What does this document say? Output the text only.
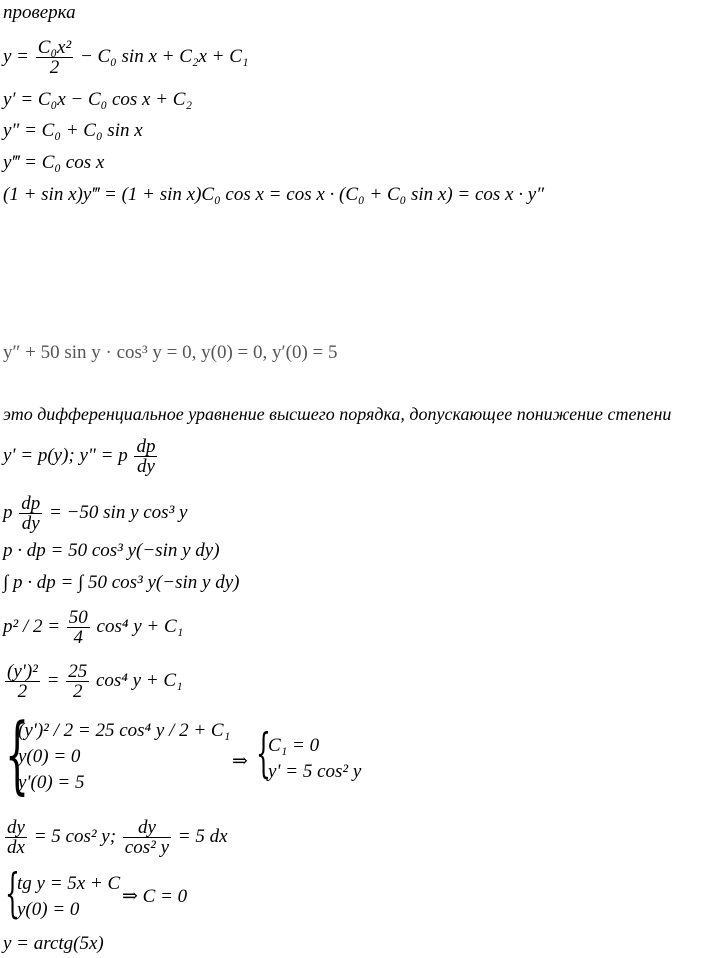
проверка
$y = \frac{\text{C₀x²}}{2} - C_0$ sin x + C₂x + C₁
y′ = C₀x − C₀ cos x + C₂
y″ = C₀ + C₀ sin x
y‴ = C₀ cos x
(1 + sin x)y‴ = (1 + sin x)C₀ cos x = cos x · (C₀ + C₀ sin x) = cos x · y″
y″ + 50 sin y · cos³ y = 0, y(0) = 0, y′(0) = 5
это дифференциальное уравнение высшего порядка, допускающее понижение степени
y' = p(y); y" = p $\frac{dp}{dy}$
p $\frac{dp}{dy} = -50$ sin y cos³ y
p · dp = 50 cos³ y(−sin y dy)
∫ p · dp = ∫ 50 cos³ y(−sin y dy)
$p^2 / 2 = \frac{50}{4} \cos^4$ y + C₁
$\frac{\text{(y')²}}{2} = \frac{25}{2} \cos^4$ y + C₁
{
(y')² / 2 = 25 cos⁴ y / 2 + C₁
y(0) = 0
y'(0) = 5
⇒ {
C₁ = 0
y' = 5 cos² y
$\frac{dy}{dx} = 5$ cos² y; $\frac{dy}{\text{cos² y}} = 5$ dx
{
tg y = 5x + C
y(0) = 0
⇒ C = 0
y = arctg(5x)
